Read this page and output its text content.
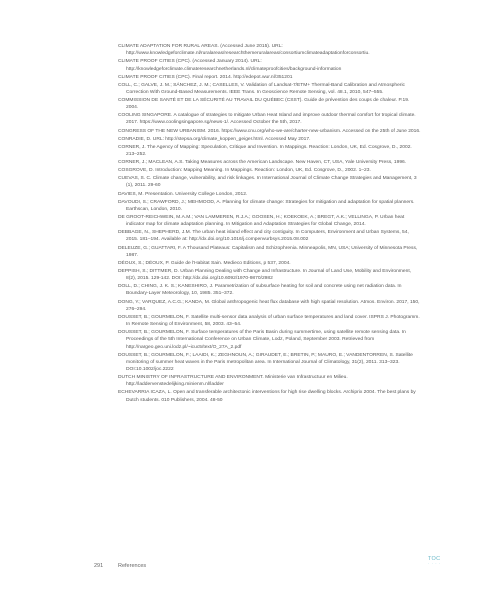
CLIMATE ADAPTATION FOR RURAL AREAS. (Accessed June 2015). URL: http://www.knowledgeforclimate.nl/ruralareas/researchthemeruralareas/consortiumclimateadaptationforconsortiu.
CLIMATE PROOF CITIES (CPC). (Accessed January 2014). URL: http://knowledgeforclimate.climateresearchnetherlands.nl/climateproofcities/background-information
CLIMATE PROOF CITIES (CPC). Final report. 2014. http://edepot.wur.nl/351201
COLL, C.; GALVE, J. M.; SÁNCHEZ, J. M.; CASELLES, V. Validation of Landsat-7/ETM+ Thermal-Band Calibration and Atmospheric Correction With Ground-Based Measurements. IEEE Trans. In Geoscience Remote Sensing, vol. 48.1, 2010, 547–555.
COMMISSION DE SANTÉ ET DE LA SÉCURITÉ AU TRAVAIL DU QUÉBEC (CSST). Guide de prévention des coups de chaleur. P.19. 2004.
COOLING SINGAPORE. A catalogue of strategies to mitigate Urban Heat Island and improve outdoor thermal comfort for tropical climate. 2017. https://www.coolingsingapore.sg/news-1/. Accessed October the 5th, 2017.
CONGRESS OF THE NEW URBANISM. 2016. https://www.cnu.org/who-we-are/charter-new-urbanism. Accessed on the 25th of June 2016.
CONRADIE, D. URL: http://stepsa.org/climate_koppen_geiger.html. Accessed May 2017.
CORNER, J. The Agency of Mapping: Speculation, Critique and Invention. In Mappings. Reaction: London, UK, Ed. Cosgrove, D., 2002. 213–252.
CORNER, J.; MACLEAN, A.S. Taking Measures across the American Landscape. New Haven, CT, USA, Yale University Press, 1996.
COSGROVE, D. Introduction: Mapping Meaning. In Mappings. Reaction: London, UK, Ed. Cosgrove, D., 2002. 1–23.
CUEVAS, S. C. Climate change, vulnerability, and risk linkages. In International Journal of Climate Change Strategies and Management, 3 (1), 2011. 29-60
DAVIES, M. Presentation. University College London, 2012.
DAVOUDI, S.; CRAWFORD, J.; MEHMOOD, A. Planning for climate change: Strategies for mitigation and adaptation for spatial planners. Earthscan, London, 2010.
DE GROOT-REICHWEIN, M.A.M.; VAN LAMMEREN, R.J.A.; GOOSEN, H.; KOEKOEK, A.; BREGT, A.K.; VELLINGA, P. Urban heat indicator map for climate adaptation planning. In Mitigation and Adaptation Strategies for Global Change, 2014.
DEBBAGE, N., SHEPHERD, J.M. The urban heat island effect and city contiguity. In Computers, Environment and Urban Systems, 54, 2015. 181–194. Available at: http://dx.doi.org/10.1016/j.compenvurbsys.2015.08.002
DELEUZE, G.; GUATTARI, F. A Thousand Plateaus: Capitalism and Schizophrenia. Minneapolis, MN, USA; University of Minnesota Press, 1987.
DÉOUX, S.; DÉOUX, P. Guide de l'Habitat Sain. Medieco Editions, p 537, 2004.
DEPPISH, S.; DITTMER, D. Urban Planning Dealing with Change and Infrastructure. In Journal of Land Use, Mobility and Environment, 8(2), 2015. 129-142. DOI: http://dx.doi.org/10.6092/1970-9870/2982
DOLL, D.; CHING, J. K. S.; KANESHIRO, J. Parametrization of subsurface heating for soil and concrete using net radiation data. In Boundary-Layer Meteorology, 10, 1985. 351–372.
DONG, Y.; VARQUEZ, A.C.G.; KANDA, M. Global anthropogenic heat flux database with high spatial resolution. Atmos. Environ. 2017, 150, 276–294.
DOUSSET, B.; GOURMELON, F. Satellite multi-sensor data analysis of urban surface temperatures and land cover. ISPRS J. Photogramm. In Remote Sensing of Environment, 58, 2003. 43–54.
DOUSSET, B.; GOURMELON, F. Surface temperatures of the Paris Basin during summertime, using satellite remote sensing data. In Proceedings of the 5th International Conference on Urban Climate, Lodz, Poland, September 2003. Retrieved from http://nargeo.geo.uni.lodz.pl/~icuc5/text/O_27A_2.pdf
DOUSSET, B.; GOURMELON, F.; LAAIDI, K.; ZEGHNOUN, A.; GIRAUDET, E.; BRETIN, P.; MAURO, E.; VANDENTORREN, S. Satellite monitoring of summer heat waves in the Paris metropolitan area. In International Journal of Climatology, 31(2), 2011. 313–323. DOI:10.1002/joc.2222
DUTCH MINISTRY OF INFRASTRUCTURE AND ENVIRONMENT. Ministerie van Infrastructuur en Milieu. http://laddervenstedelijking.minienm.nl/ladder
ECHEVARRIA ICAZA, L. Open and transferable architectonic interventions for high rise dwelling blocks. Archiprix 2004. The best plans by Dutch students. 010 Publishers, 2004. 48-50
291	References
TOC
· · · ·
